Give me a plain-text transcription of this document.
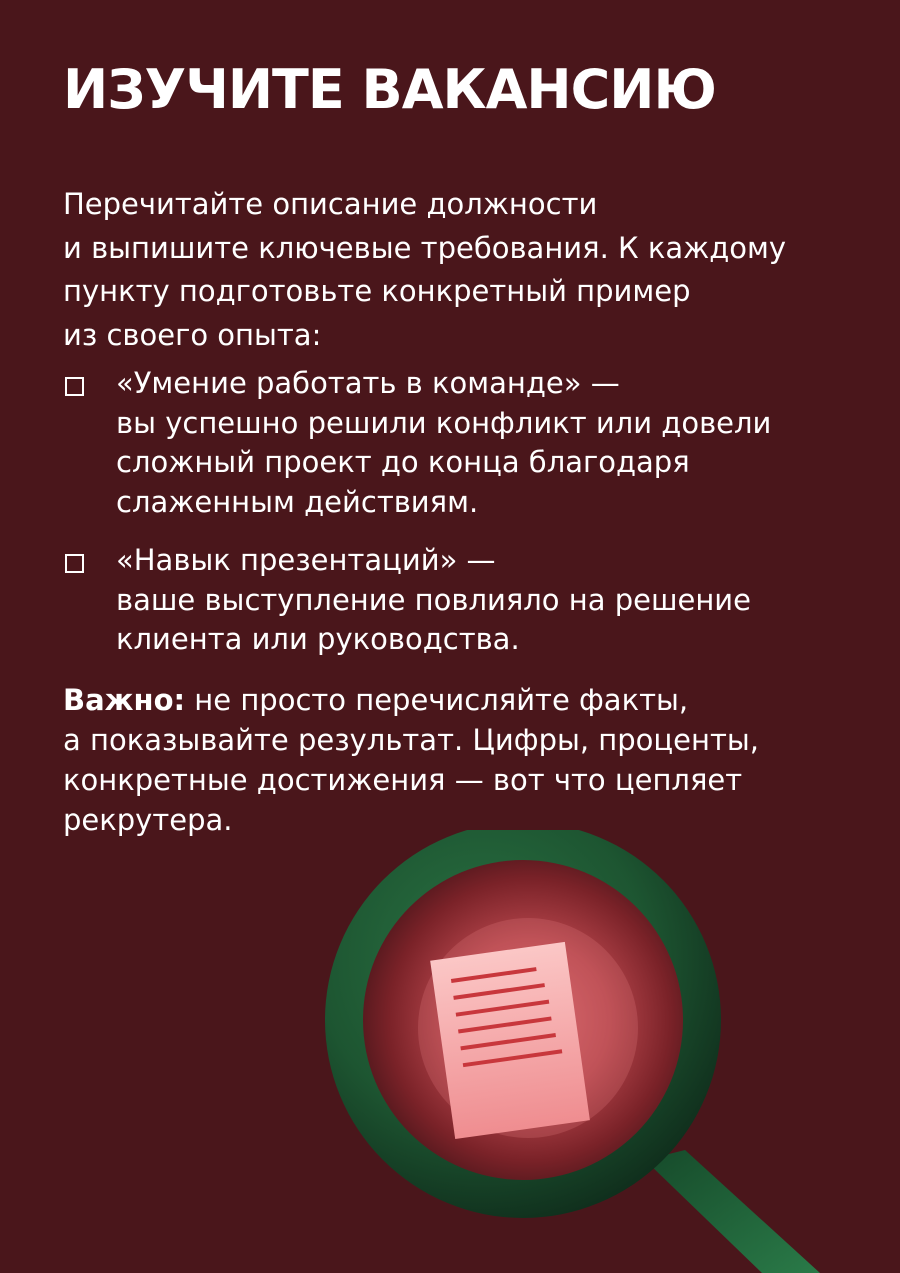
ИЗУЧИТЕ ВАКАНСИЮ

Перечитайте описание должности
и выпишите ключевые требования. К каждому
пункту подготовьте конкретный пример
из своего опыта:

«Умение работать в команде» —
вы успешно решили конфликт или довели
сложный проект до конца благодаря
слаженным действиям.

«Навык презентаций» —
ваше выступление повлияло на решение
клиента или руководства.

Важно: не просто перечисляйте факты,
а показывайте результат. Цифры, проценты,
конкретные достижения — вот что цепляет
рекрутера.
